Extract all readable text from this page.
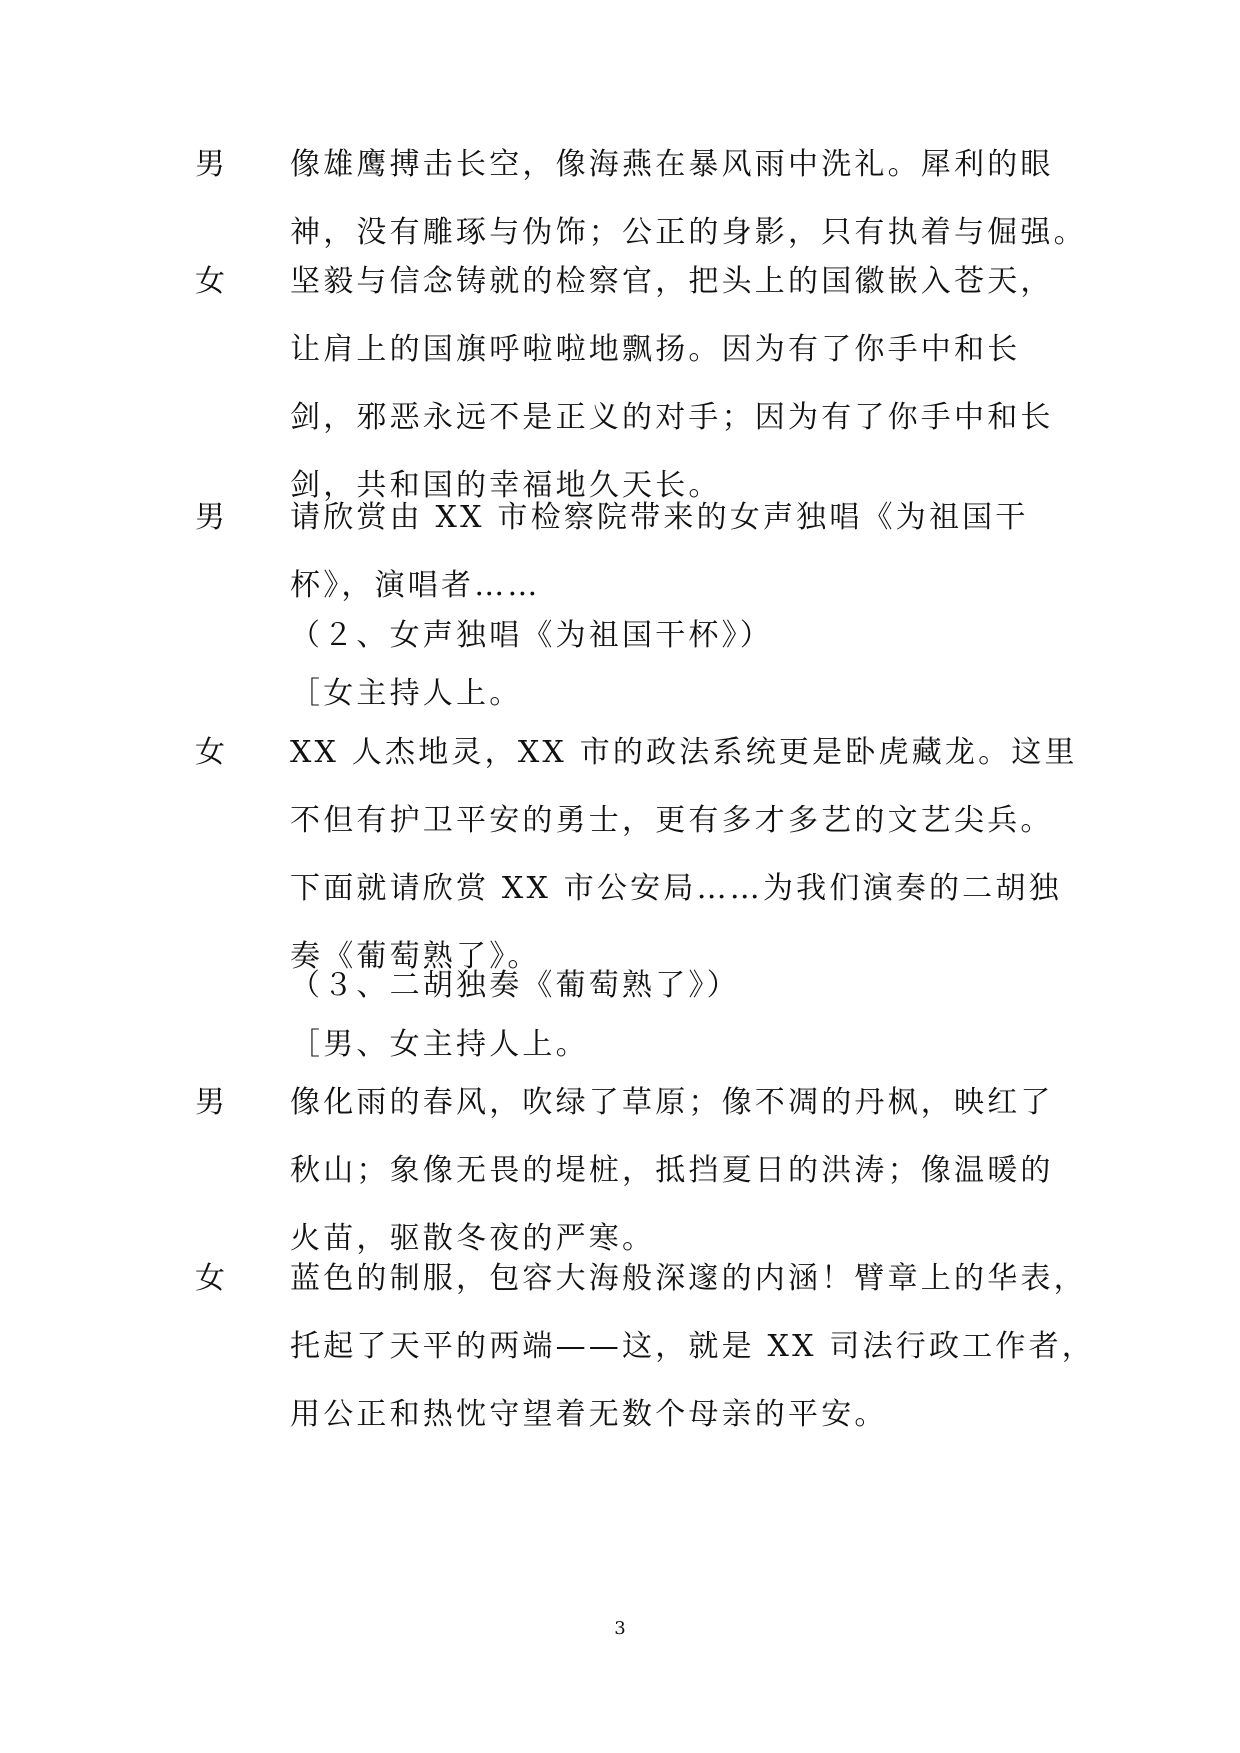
男 像雄鹰搏击长空，像海燕在暴风雨中洗礼。犀利的眼
神，没有雕琢与伪饰；公正的身影，只有执着与倔强。
女 坚毅与信念铸就的检察官，把头上的国徽嵌入苍天，
让肩上的国旗呼啦啦地飘扬。因为有了你手中和长
剑，邪恶永远不是正义的对手；因为有了你手中和长
剑，共和国的幸福地久天长。
男 请欣赏由 XX 市检察院带来的女声独唱《为祖国干
杯》，演唱者……
（２、女声独唱《为祖国干杯》）
［女主持人上。
女 XX 人杰地灵，XX 市的政法系统更是卧虎藏龙。这里
不但有护卫平安的勇士，更有多才多艺的文艺尖兵。
下面就请欣赏 XX 市公安局……为我们演奏的二胡独
奏《葡萄熟了》。
（３、二胡独奏《葡萄熟了》）
［男、女主持人上。
男 像化雨的春风，吹绿了草原；像不凋的丹枫，映红了
秋山；象像无畏的堤桩，抵挡夏日的洪涛；像温暖的
火苗，驱散冬夜的严寒。
女 蓝色的制服，包容大海般深邃的内涵！臂章上的华表，
托起了天平的两端——这，就是 XX 司法行政工作者，
用公正和热忱守望着无数个母亲的平安。
3
